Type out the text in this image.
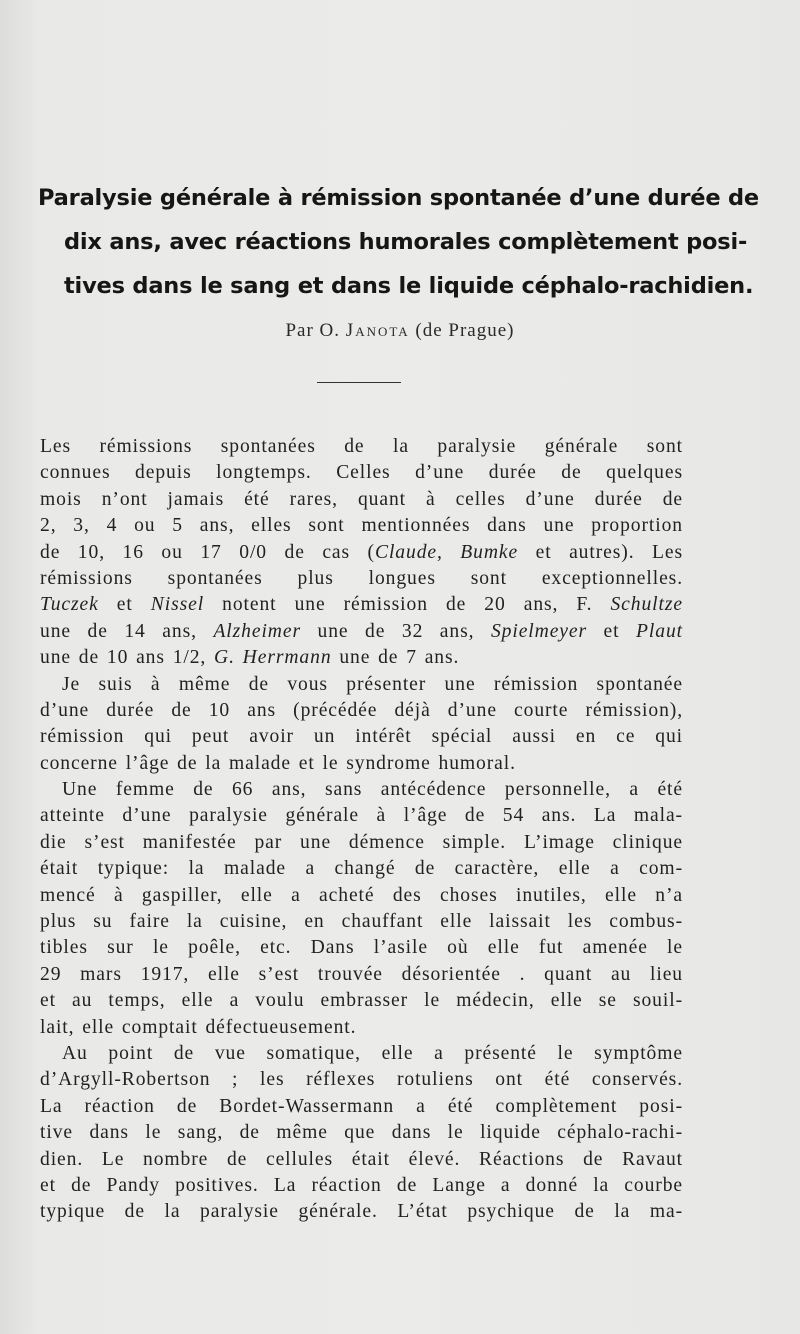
Paralysie générale à rémission spontanée d’une durée de
dix ans, avec réactions humorales complètement posi-
tives dans le sang et dans le liquide céphalo-rachidien.
Par O. Janota (de Prague)
Les rémissions spontanées de la paralysie générale sont
connues depuis longtemps. Celles d’une durée de quelques
mois n’ont jamais été rares, quant à celles d’une durée de
2, 3, 4 ou 5 ans, elles sont mentionnées dans une proportion
de 10, 16 ou 17 0/0 de cas (Claude, Bumke et autres). Les
rémissions spontanées plus longues sont exceptionnelles.
Tuczek et Nissel notent une rémission de 20 ans, F. Schultze
une de 14 ans, Alzheimer une de 32 ans, Spielmeyer et Plaut
une de 10 ans 1/2, G. Herrmann une de 7 ans.
Je suis à même de vous présenter une rémission spontanée
d’une durée de 10 ans (précédée déjà d’une courte rémission),
rémission qui peut avoir un intérêt spécial aussi en ce qui
concerne l’âge de la malade et le syndrome humoral.
Une femme de 66 ans, sans antécédence personnelle, a été
atteinte d’une paralysie générale à l’âge de 54 ans. La mala-
die s’est manifestée par une démence simple. L’image clinique
était typique: la malade a changé de caractère, elle a com-
mencé à gaspiller, elle a acheté des choses inutiles, elle n’a
plus su faire la cuisine, en chauffant elle laissait les combus-
tibles sur le poêle, etc. Dans l’asile où elle fut amenée le
29 mars 1917, elle s’est trouvée désorientée . quant au lieu
et au temps, elle a voulu embrasser le médecin, elle se souil-
lait, elle comptait défectueusement.
Au point de vue somatique, elle a présenté le symptôme
d’Argyll-Robertson ; les réflexes rotuliens ont été conservés.
La réaction de Bordet-Wassermann a été complètement posi-
tive dans le sang, de même que dans le liquide céphalo-rachi-
dien. Le nombre de cellules était élevé. Réactions de Ravaut
et de Pandy positives. La réaction de Lange a donné la courbe
typique de la paralysie générale. L’état psychique de la ma-
